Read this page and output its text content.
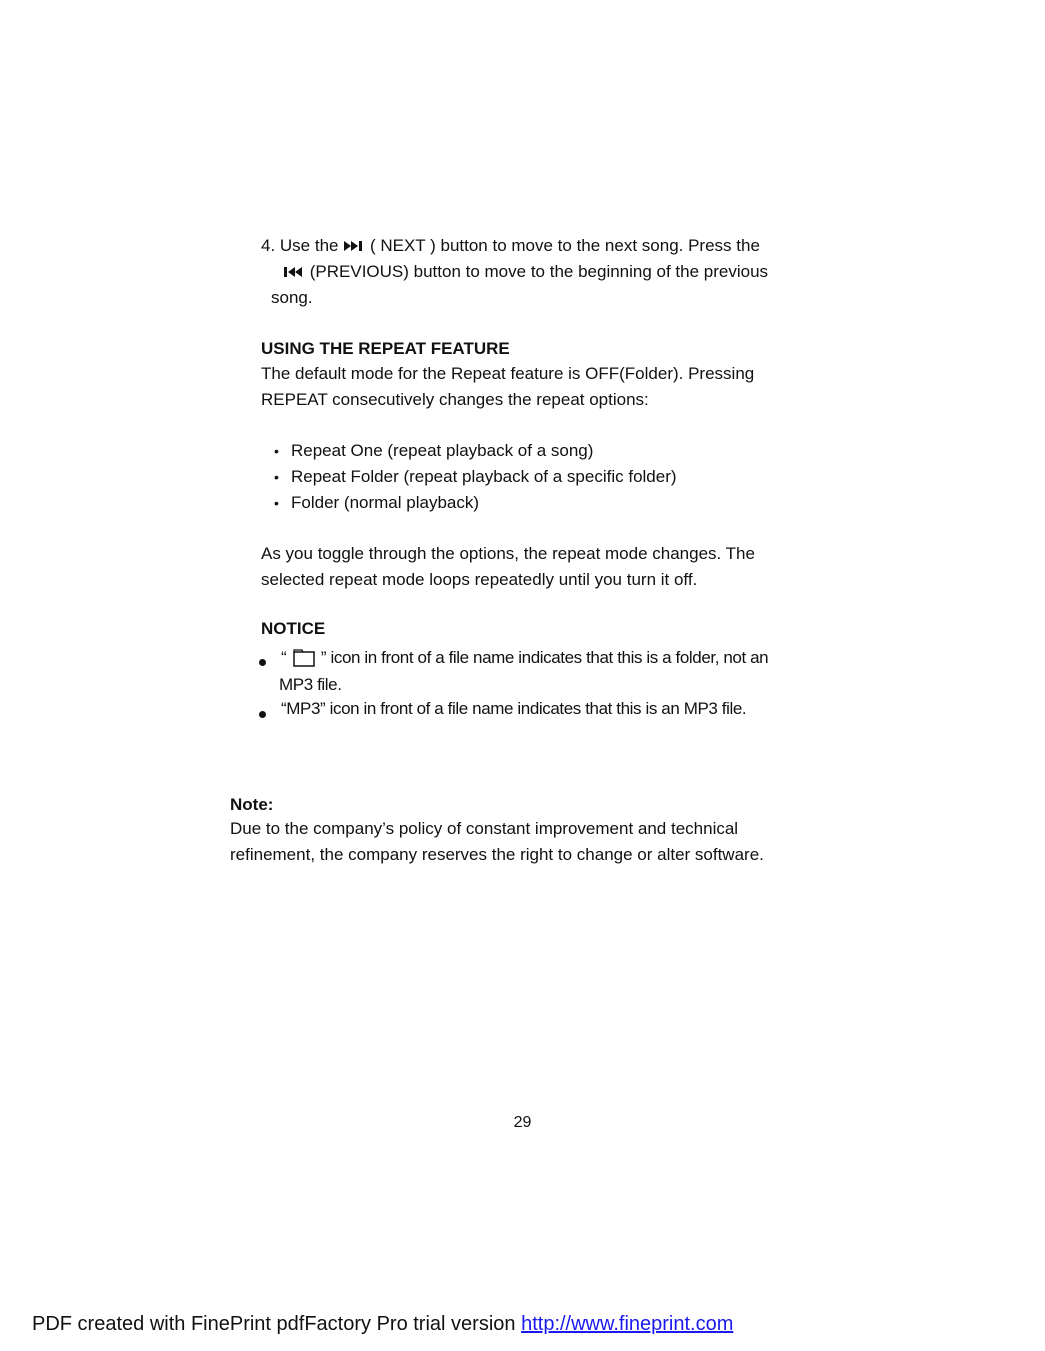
4. Use the ( NEXT ) button to move to the next song. Press the
(PREVIOUS) button to move to the beginning of the previous
song.
USING THE REPEAT FEATURE
The default mode for the Repeat feature is OFF(Folder). Pressing
REPEAT consecutively changes the repeat options:
• Repeat One (repeat playback of a song)
• Repeat Folder (repeat playback of a specific folder)
• Folder (normal playback)
As you toggle through the options, the repeat mode changes. The
selected repeat mode loops repeatedly until you turn it off.
NOTICE
“ ” icon in front of a file name indicates that this is a folder, not an
MP3 file.
“MP3” icon in front of a file name indicates that this is an MP3 file.
Note:
Due to the company’s policy of constant improvement and technical
refinement, the company reserves the right to change or alter software.
29
PDF created with FinePrint pdfFactory Pro trial version http://www.fineprint.com
